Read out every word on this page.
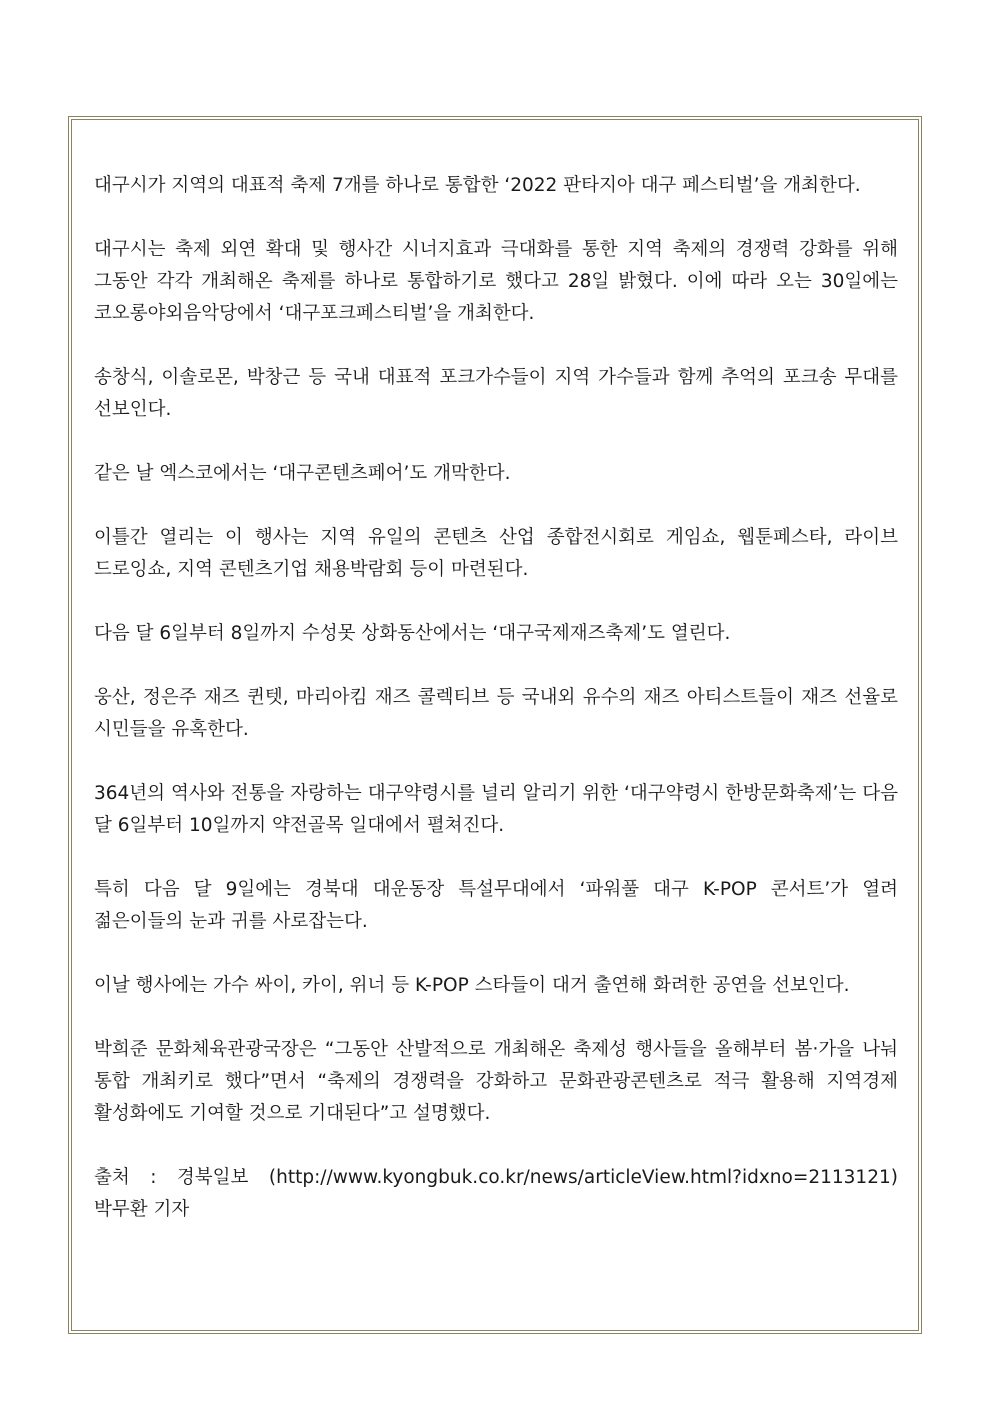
대구시가 지역의 대표적 축제 7개를 하나로 통합한 ‘2022 판타지아 대구 페스티벌’을 개최한다.

대구시는 축제 외연 확대 및 행사간 시너지효과 극대화를 통한 지역 축제의 경쟁력 강화를 위해 그동안 각각 개최해온 축제를 하나로 통합하기로 했다고 28일 밝혔다. 이에 따라 오는 30일에는 코오롱야외음악당에서 ‘대구포크페스티벌’을 개최한다.

송창식, 이솔로몬, 박창근 등 국내 대표적 포크가수들이 지역 가수들과 함께 추억의 포크송 무대를 선보인다.

같은 날 엑스코에서는 ‘대구콘텐츠페어’도 개막한다.

이틀간 열리는 이 행사는 지역 유일의 콘텐츠 산업 종합전시회로 게임쇼, 웹툰페스타, 라이브 드로잉쇼, 지역 콘텐츠기업 채용박람회 등이 마련된다.

다음 달 6일부터 8일까지 수성못 상화동산에서는 ‘대구국제재즈축제’도 열린다.

웅산, 정은주 재즈 퀸텟, 마리아킴 재즈 콜렉티브 등 국내외 유수의 재즈 아티스트들이 재즈 선율로 시민들을 유혹한다.

364년의 역사와 전통을 자랑하는 대구약령시를 널리 알리기 위한 ‘대구약령시 한방문화축제’는 다음 달 6일부터 10일까지 약전골목 일대에서 펼쳐진다.

특히 다음 달 9일에는 경북대 대운동장 특설무대에서 ‘파워풀 대구 K-POP 콘서트’가 열려 젊은이들의 눈과 귀를 사로잡는다.

이날 행사에는 가수 싸이, 카이, 위너 등 K-POP 스타들이 대거 출연해 화려한 공연을 선보인다.

박희준 문화체육관광국장은 “그동안 산발적으로 개최해온 축제성 행사들을 올해부터 봄·가을 나눠 통합 개최키로 했다”면서 “축제의 경쟁력을 강화하고 문화관광콘텐츠로 적극 활용해 지역경제 활성화에도 기여할 것으로 기대된다”고 설명했다.

출처 : 경북일보 (http://www.kyongbuk.co.kr/news/articleView.html?idxno=2113121)
박무환 기자
